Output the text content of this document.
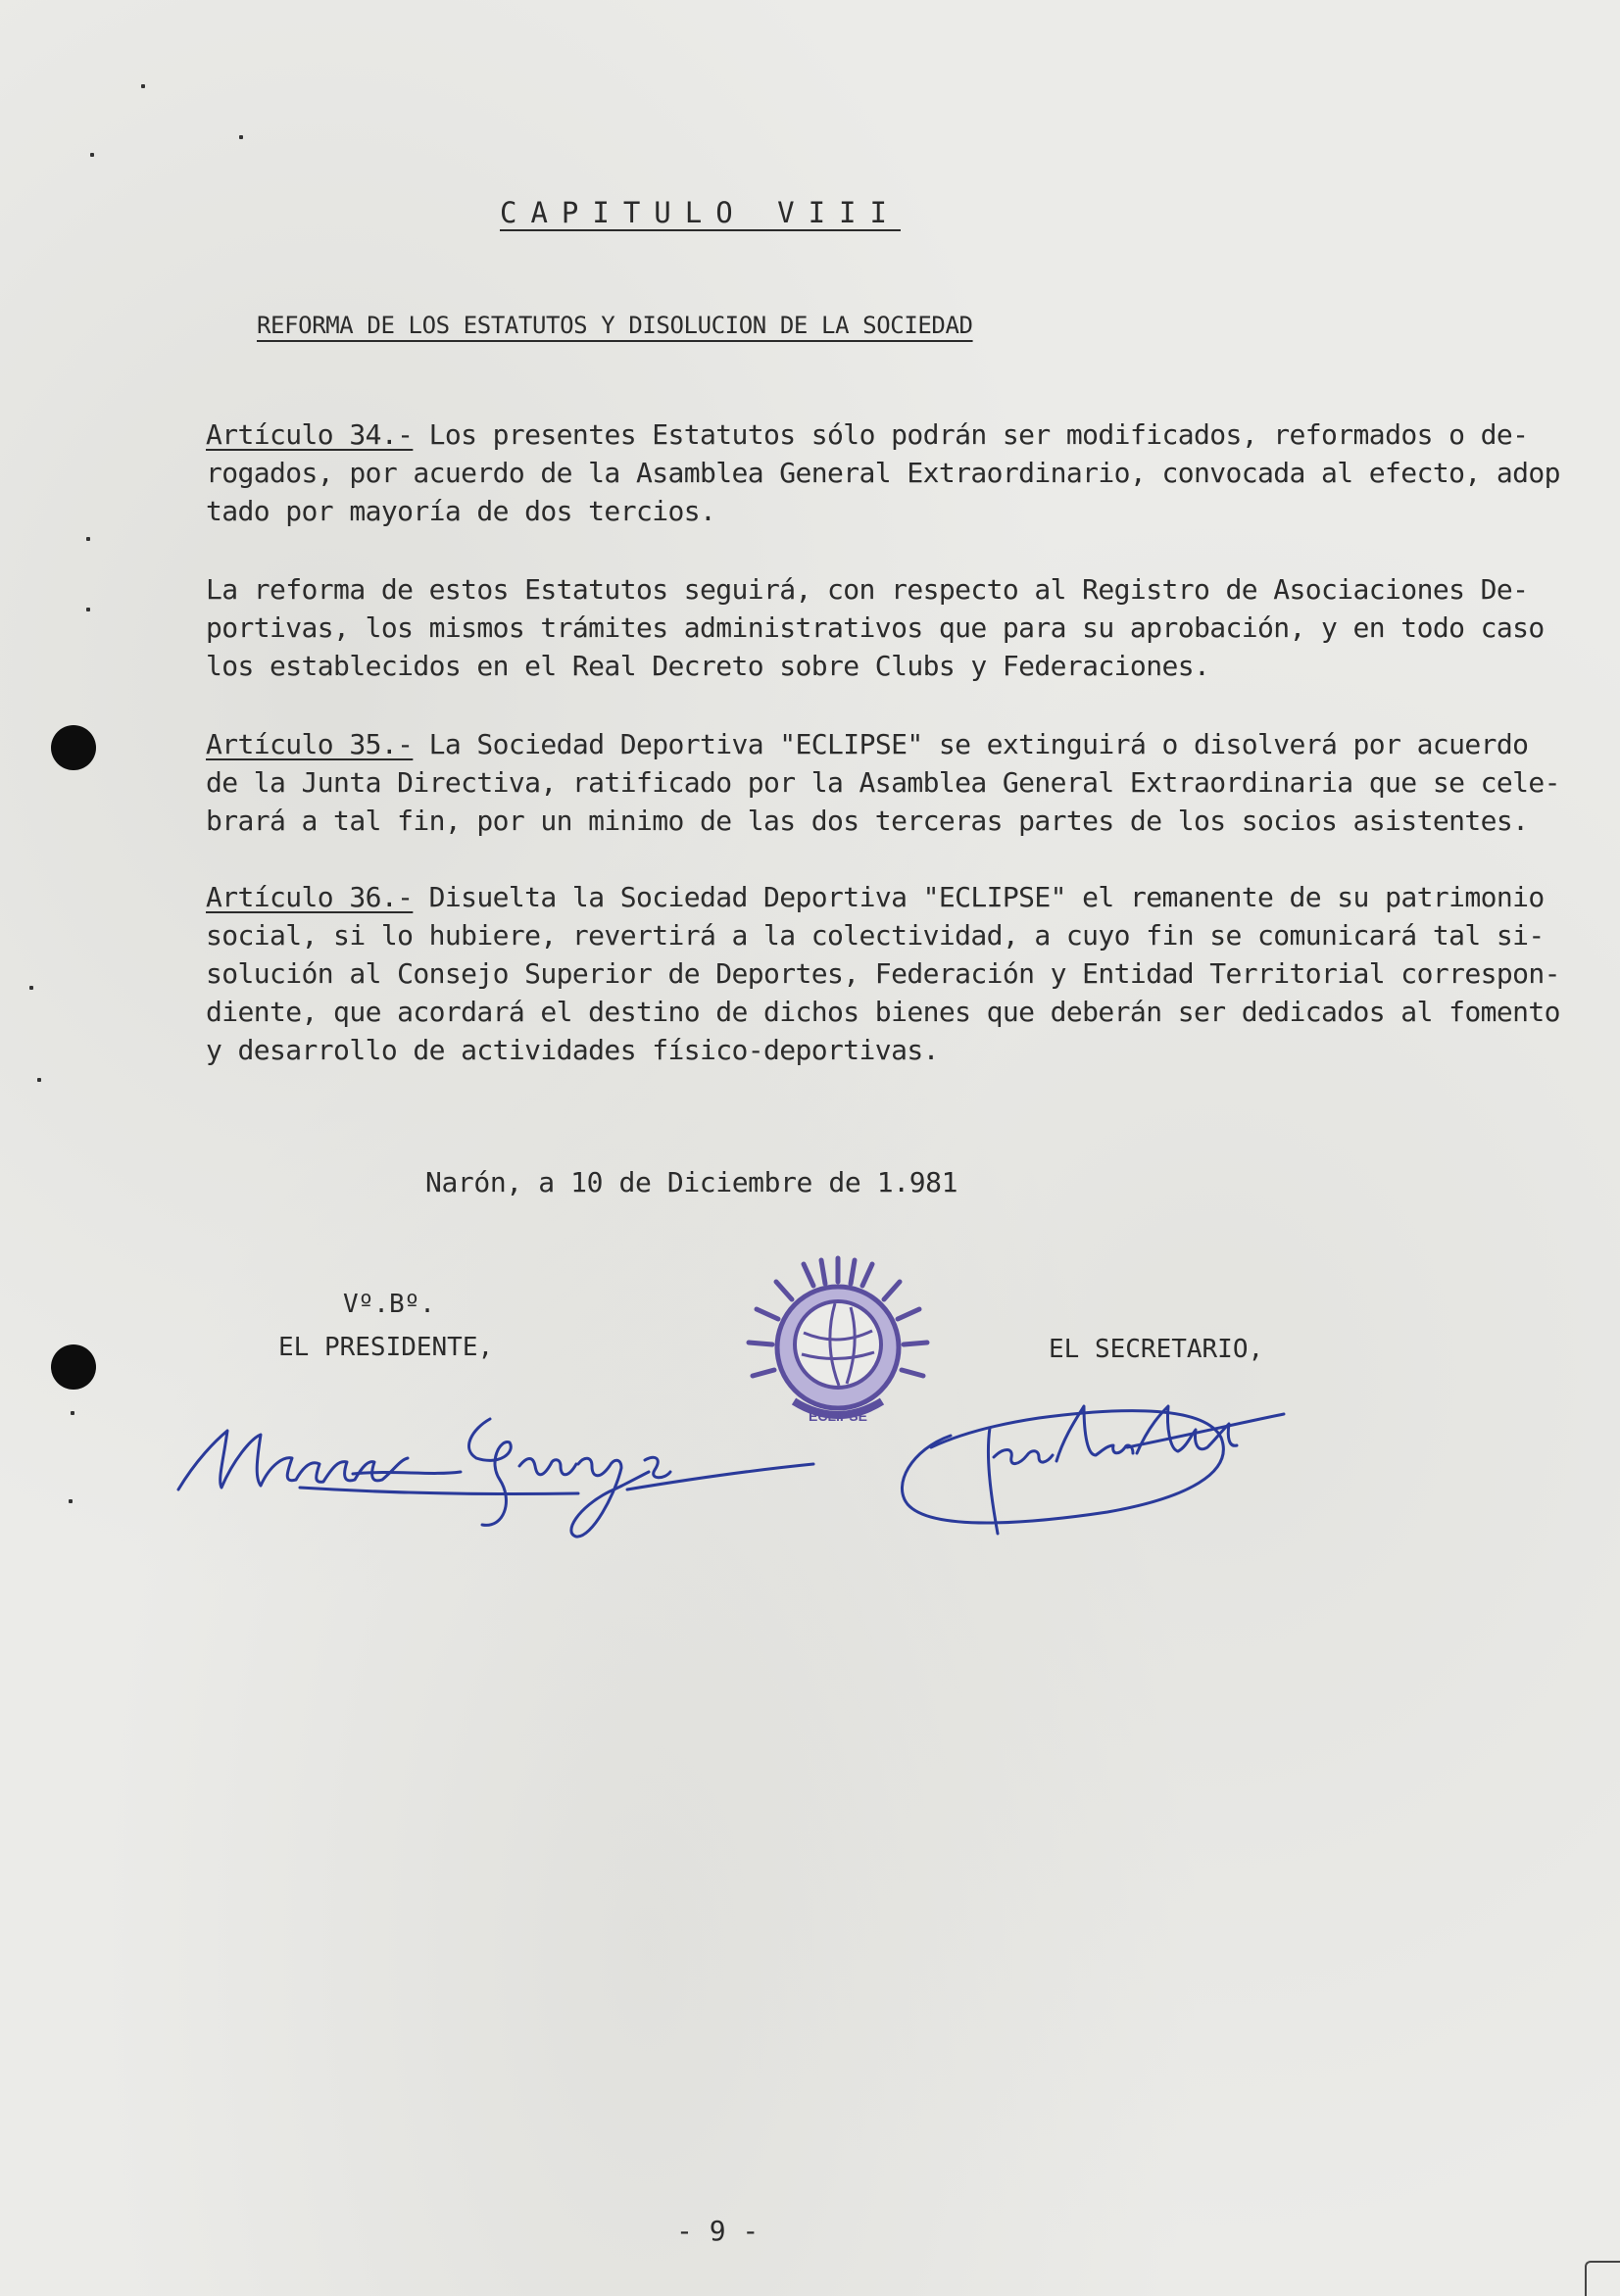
CAPITULO VIII
REFORMA DE LOS ESTATUTOS Y DISOLUCION DE LA SOCIEDAD

Artículo 34.- Los presentes Estatutos sólo podrán ser modificados, reformados o de-
rogados, por acuerdo de la Asamblea General Extraordinario, convocada al efecto, adop
tado por mayoría de dos tercios.

La reforma de estos Estatutos seguirá, con respecto al Registro de Asociaciones De-
portivas, los mismos trámites administrativos que para su aprobación, y en todo caso
los establecidos en el Real Decreto sobre Clubs y Federaciones.

Artículo 35.- La Sociedad Deportiva "ECLIPSE" se extinguirá o disolverá por acuerdo
de la Junta Directiva, ratificado por la Asamblea General Extraordinaria que se cele-
brará a tal fin, por un minimo de las dos terceras partes de los socios asistentes.

Artículo 36.- Disuelta la Sociedad Deportiva "ECLIPSE" el remanente de su patrimonio
social, si lo hubiere, revertirá a la colectividad, a cuyo fin se comunicará tal si-
solución al Consejo Superior de Deportes, Federación y Entidad Territorial correspon-
diente, que acordará el destino de dichos bienes que deberán ser dedicados al fomento
y desarrollo de actividades físico-deportivas.

Narón, a 10 de Diciembre de 1.981
Vº.Bº.
EL PRESIDENTE,	EL SECRETARIO,
ECLIPSE
- 9 -
